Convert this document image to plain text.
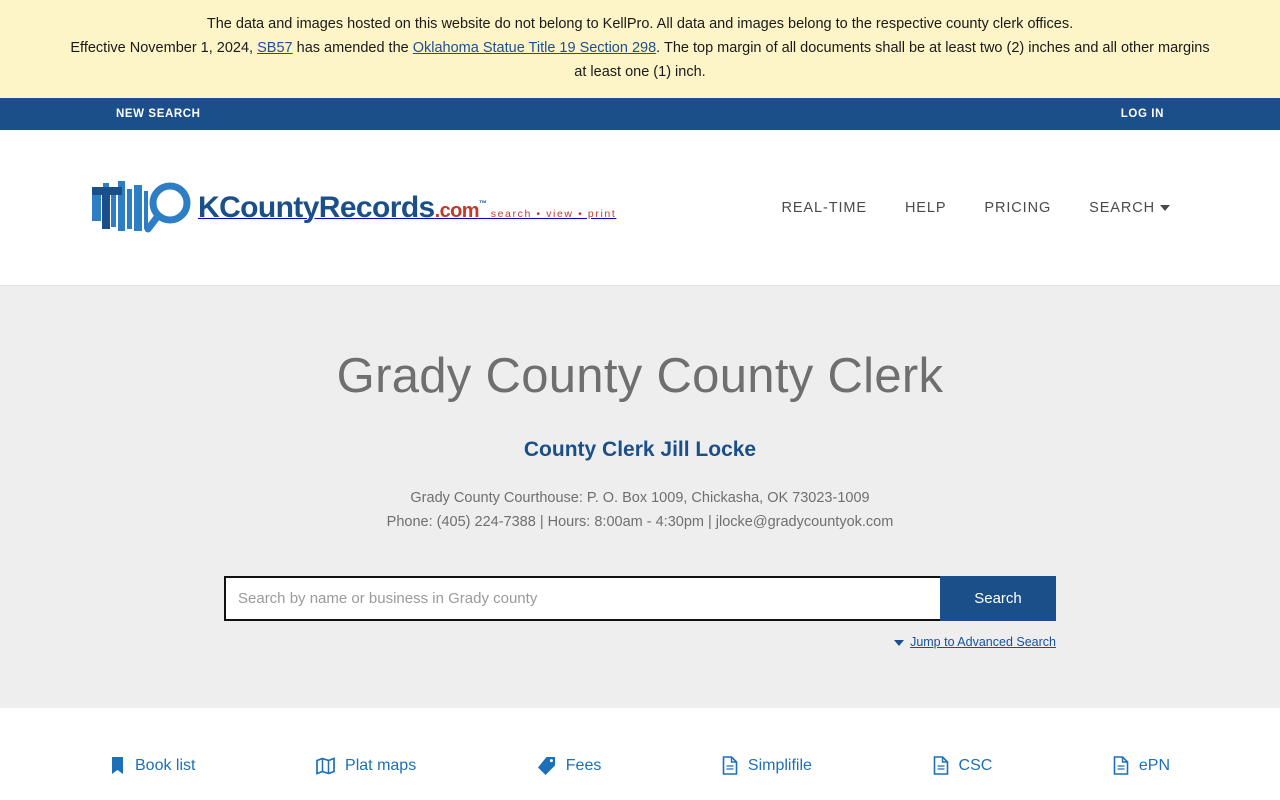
The data and images hosted on this website do not belong to KellPro. All data and images belong to the respective county clerk offices.
Effective November 1, 2024, SB57 has amended the Oklahoma Statue Title 19 Section 298. The top margin of all documents shall be at least two (2) inches and all other margins
at least one (1) inch.
NEW SEARCH	LOG IN
KCountyRecords.com™ search • view • print	REAL-TIME	HELP	PRICING	SEARCH
Grady County County Clerk
County Clerk Jill Locke
Grady County Courthouse: P. O. Box 1009, Chickasha, OK 73023-1009
Phone: (405) 224-7388 | Hours: 8:00am - 4:30pm | jlocke@gradycountyok.com
Search by name or business in Grady county
Search
Jump to Advanced Search
Book list	Plat maps	Fees	Simplifile	CSC	ePN
